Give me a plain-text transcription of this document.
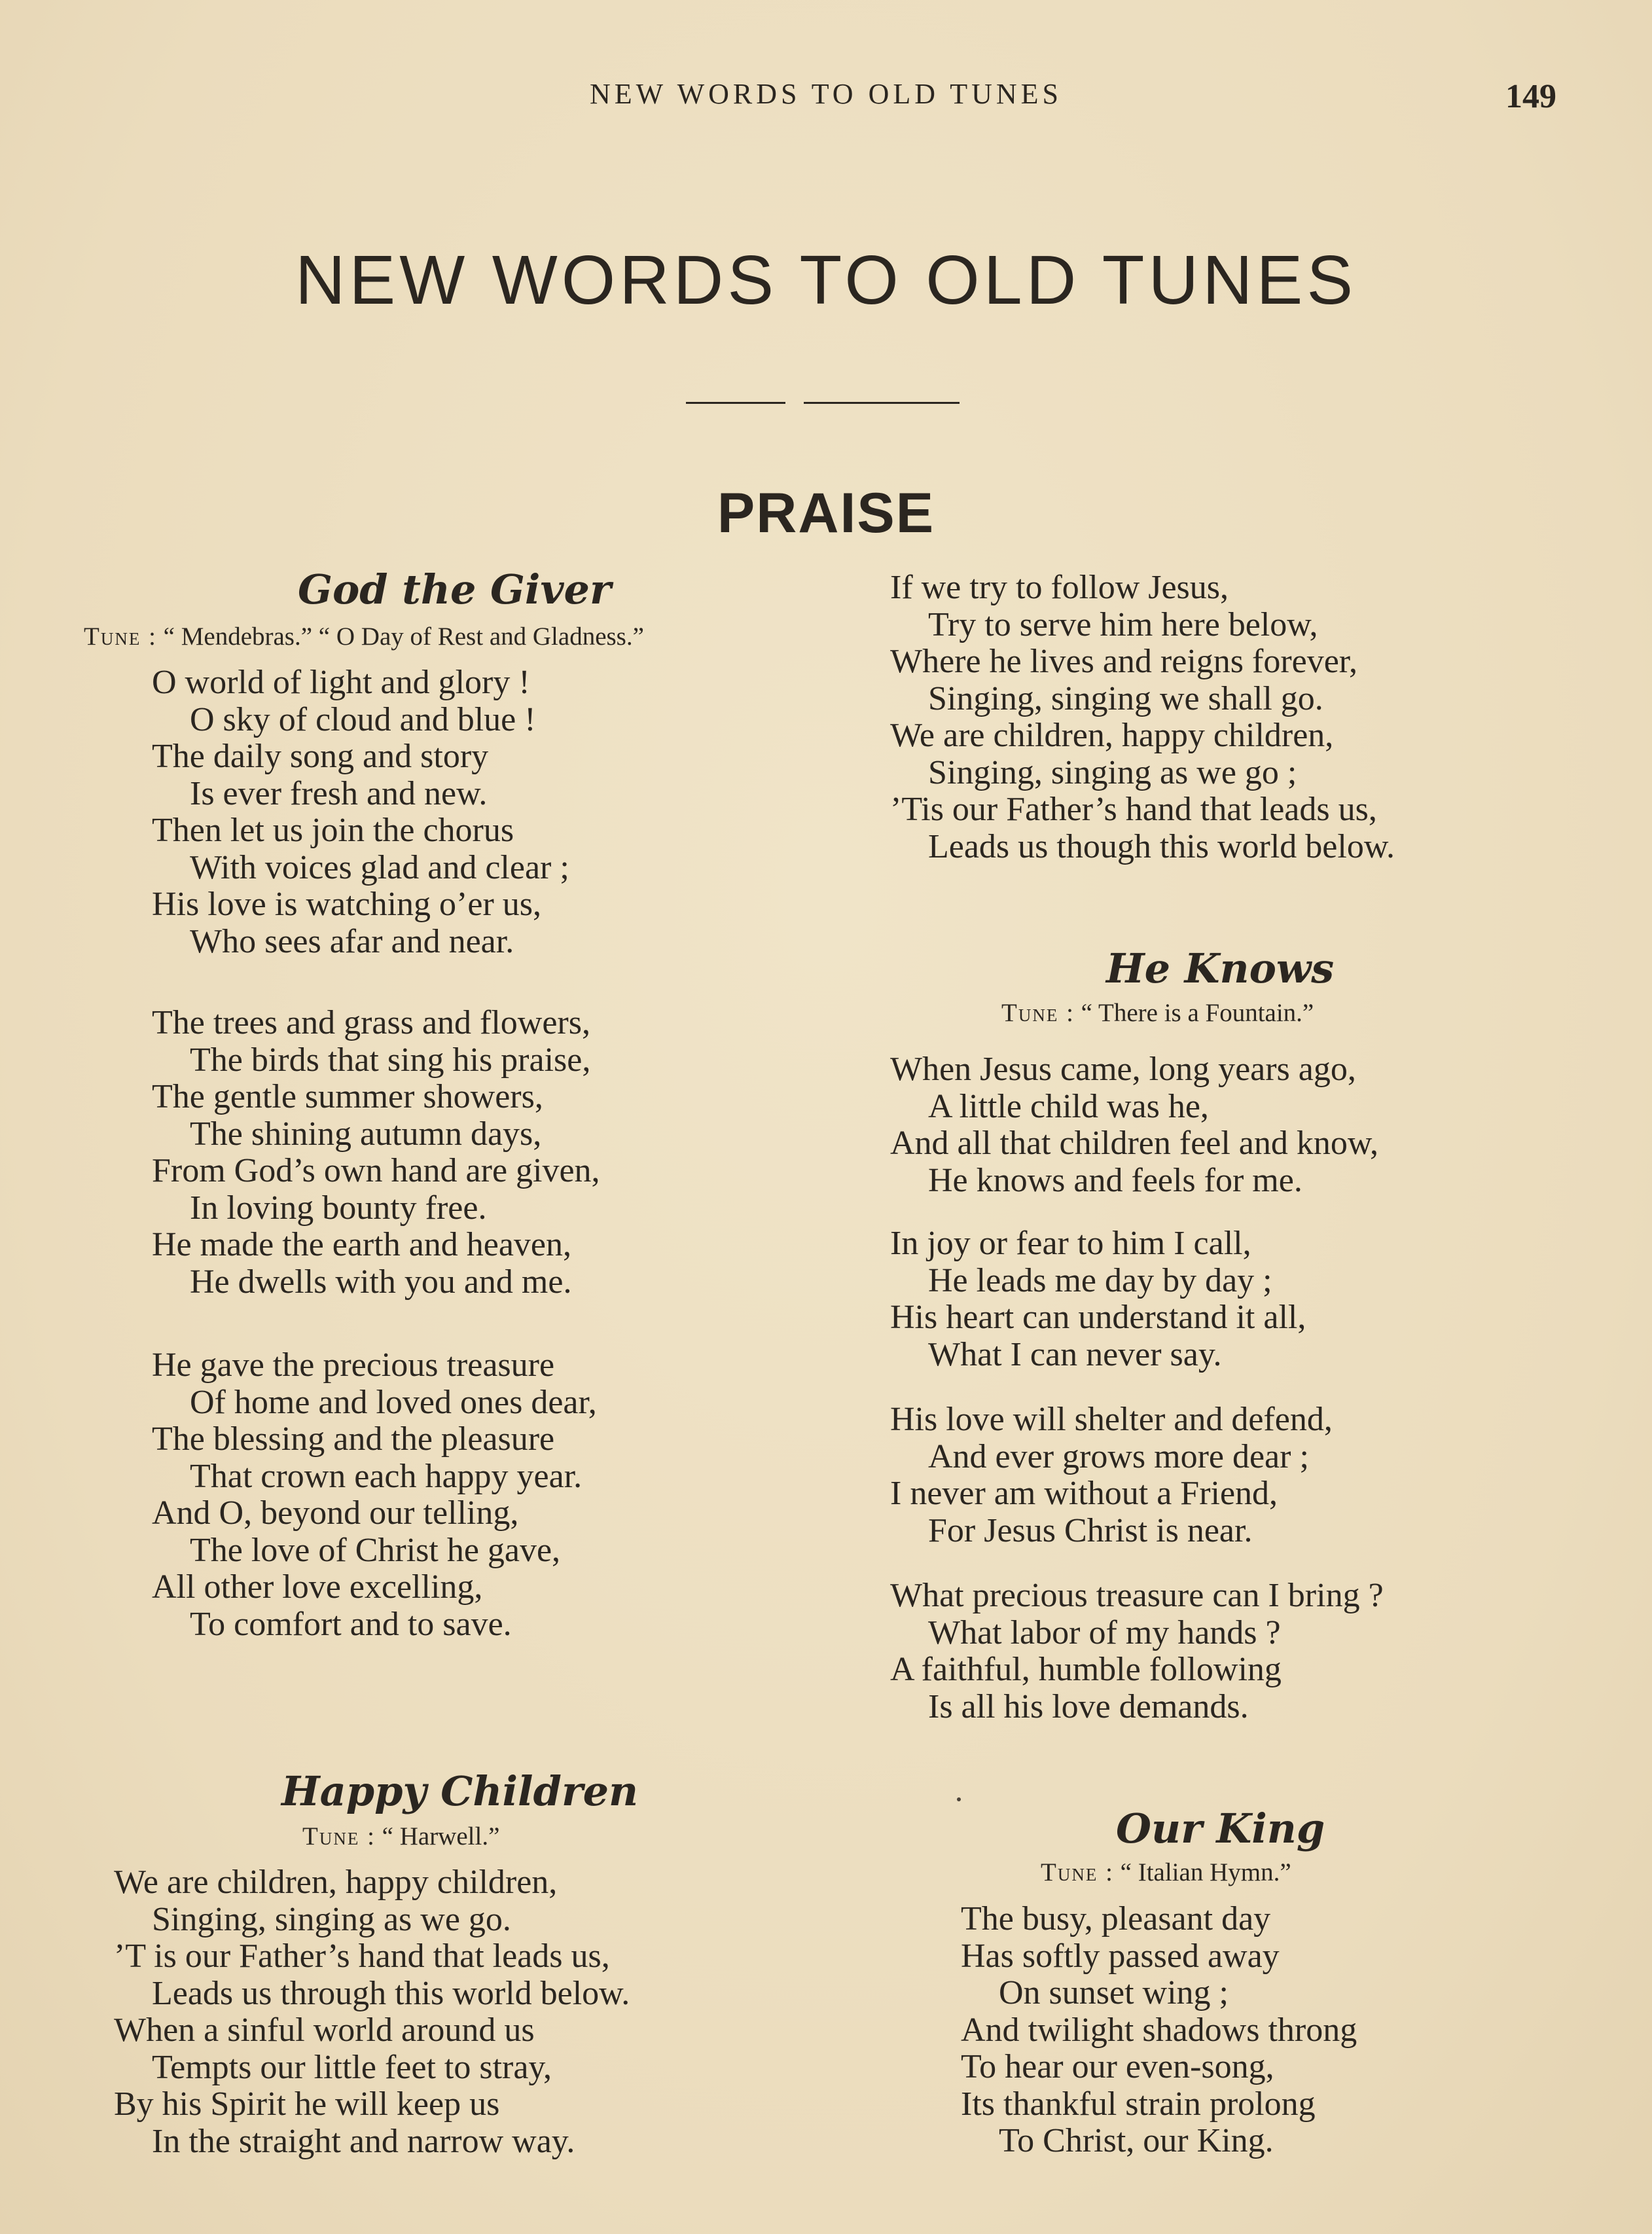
NEW WORDS TO OLD TUNES	149
NEW WORDS TO OLD TUNES
PRAISE
God the Giver
Tune : “ Mendebras.” “ O Day of Rest and Gladness.”
O world of light and glory !
O sky of cloud and blue !
The daily song and story
Is ever fresh and new.
Then let us join the chorus
With voices glad and clear ;
His love is watching o’er us,
Who sees afar and near.
The trees and grass and flowers,
The birds that sing his praise,
The gentle summer showers,
The shining autumn days,
From God’s own hand are given,
In loving bounty free.
He made the earth and heaven,
He dwells with you and me.
He gave the precious treasure
Of home and loved ones dear,
The blessing and the pleasure
That crown each happy year.
And O, beyond our telling,
The love of Christ he gave,
All other love excelling,
To comfort and to save.
Happy Children
Tune : “ Harwell.”
We are children, happy children,
Singing, singing as we go.
’T is our Father’s hand that leads us,
Leads us through this world below.
When a sinful world around us
Tempts our little feet to stray,
By his Spirit he will keep us
In the straight and narrow way.
If we try to follow Jesus,
Try to serve him here below,
Where he lives and reigns forever,
Singing, singing we shall go.
We are children, happy children,
Singing, singing as we go ;
’Tis our Father’s hand that leads us,
Leads us though this world below.
He Knows
Tune : “ There is a Fountain.”
When Jesus came, long years ago,
A little child was he,
And all that children feel and know,
He knows and feels for me.
In joy or fear to him I call,
He leads me day by day ;
His heart can understand it all,
What I can never say.
His love will shelter and defend,
And ever grows more dear ;
I never am without a Friend,
For Jesus Christ is near.
What precious treasure can I bring ?
What labor of my hands ?
A faithful, humble following
Is all his love demands.
Our King
Tune : “ Italian Hymn.”
The busy, pleasant day
Has softly passed away
On sunset wing ;
And twilight shadows throng
To hear our even-song,
Its thankful strain prolong
To Christ, our King.
